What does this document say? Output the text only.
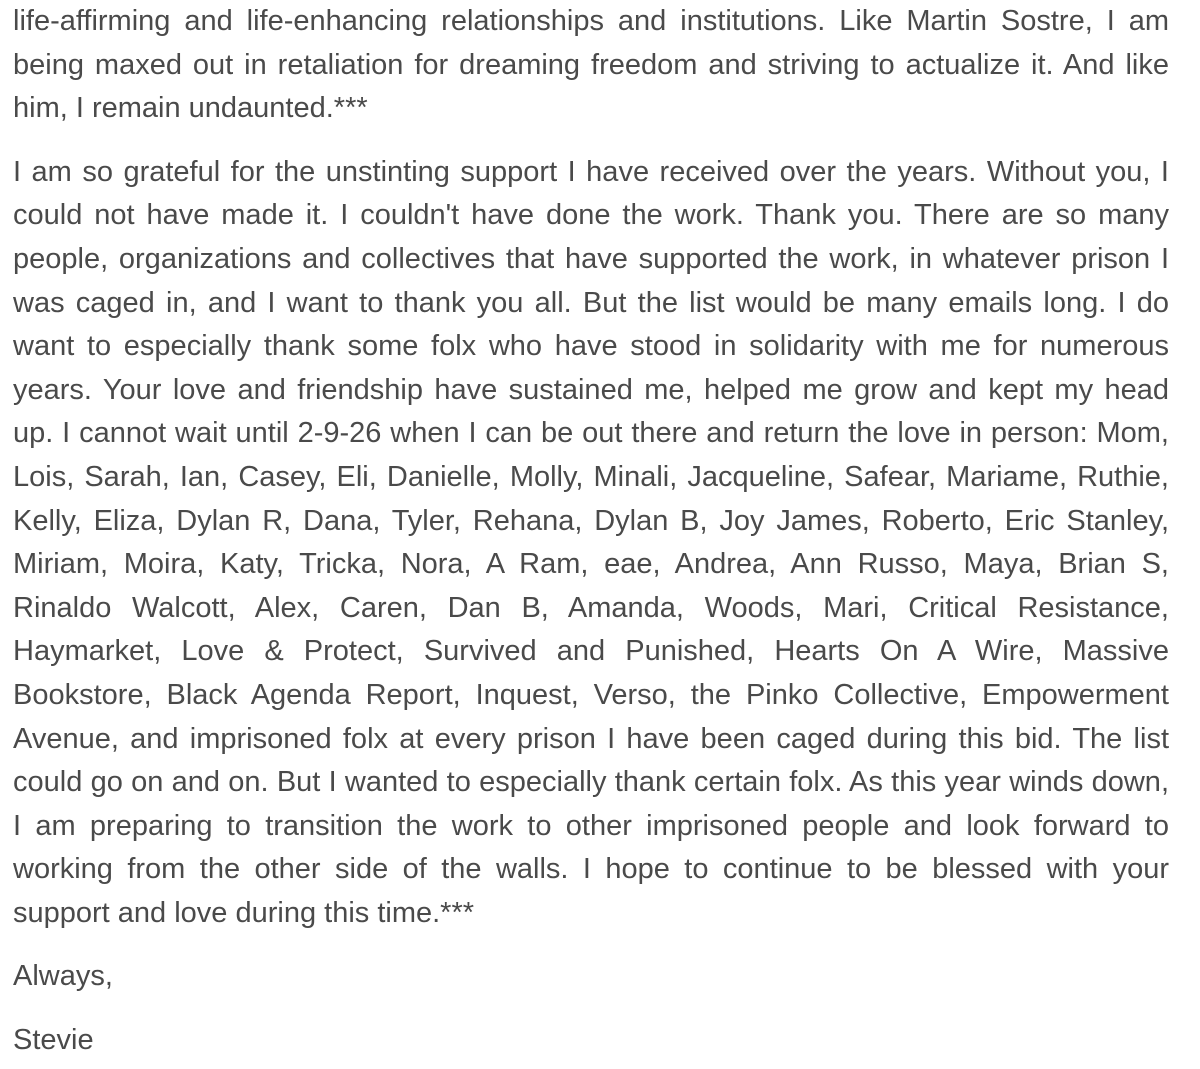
life-affirming and life-enhancing relationships and institutions. Like Martin Sostre, I am being maxed out in retaliation for dreaming freedom and striving to actualize it. And like him, I remain undaunted.***

I am so grateful for the unstinting support I have received over the years. Without you, I could not have made it. I couldn't have done the work. Thank you. There are so many people, organizations and collectives that have supported the work, in whatever prison I was caged in, and I want to thank you all. But the list would be many emails long. I do want to especially thank some folx who have stood in solidarity with me for numerous years. Your love and friendship have sustained me, helped me grow and kept my head up. I cannot wait until 2-9-26 when I can be out there and return the love in person: Mom, Lois, Sarah, Ian, Casey, Eli, Danielle, Molly, Minali, Jacqueline, Safear, Mariame, Ruthie, Kelly, Eliza, Dylan R, Dana, Tyler, Rehana, Dylan B, Joy James, Roberto, Eric Stanley, Miriam, Moira, Katy, Tricka, Nora, A Ram, eae, Andrea, Ann Russo, Maya, Brian S, Rinaldo Walcott, Alex, Caren, Dan B, Amanda, Woods, Mari, Critical Resistance, Haymarket, Love & Protect, Survived and Punished, Hearts On A Wire, Massive Bookstore, Black Agenda Report, Inquest, Verso, the Pinko Collective, Empowerment Avenue, and imprisoned folx at every prison I have been caged during this bid. The list could go on and on. But I wanted to especially thank certain folx. As this year winds down, I am preparing to transition the work to other imprisoned people and look forward to working from the other side of the walls. I hope to continue to be blessed with your support and love during this time.***

Always,

Stevie
